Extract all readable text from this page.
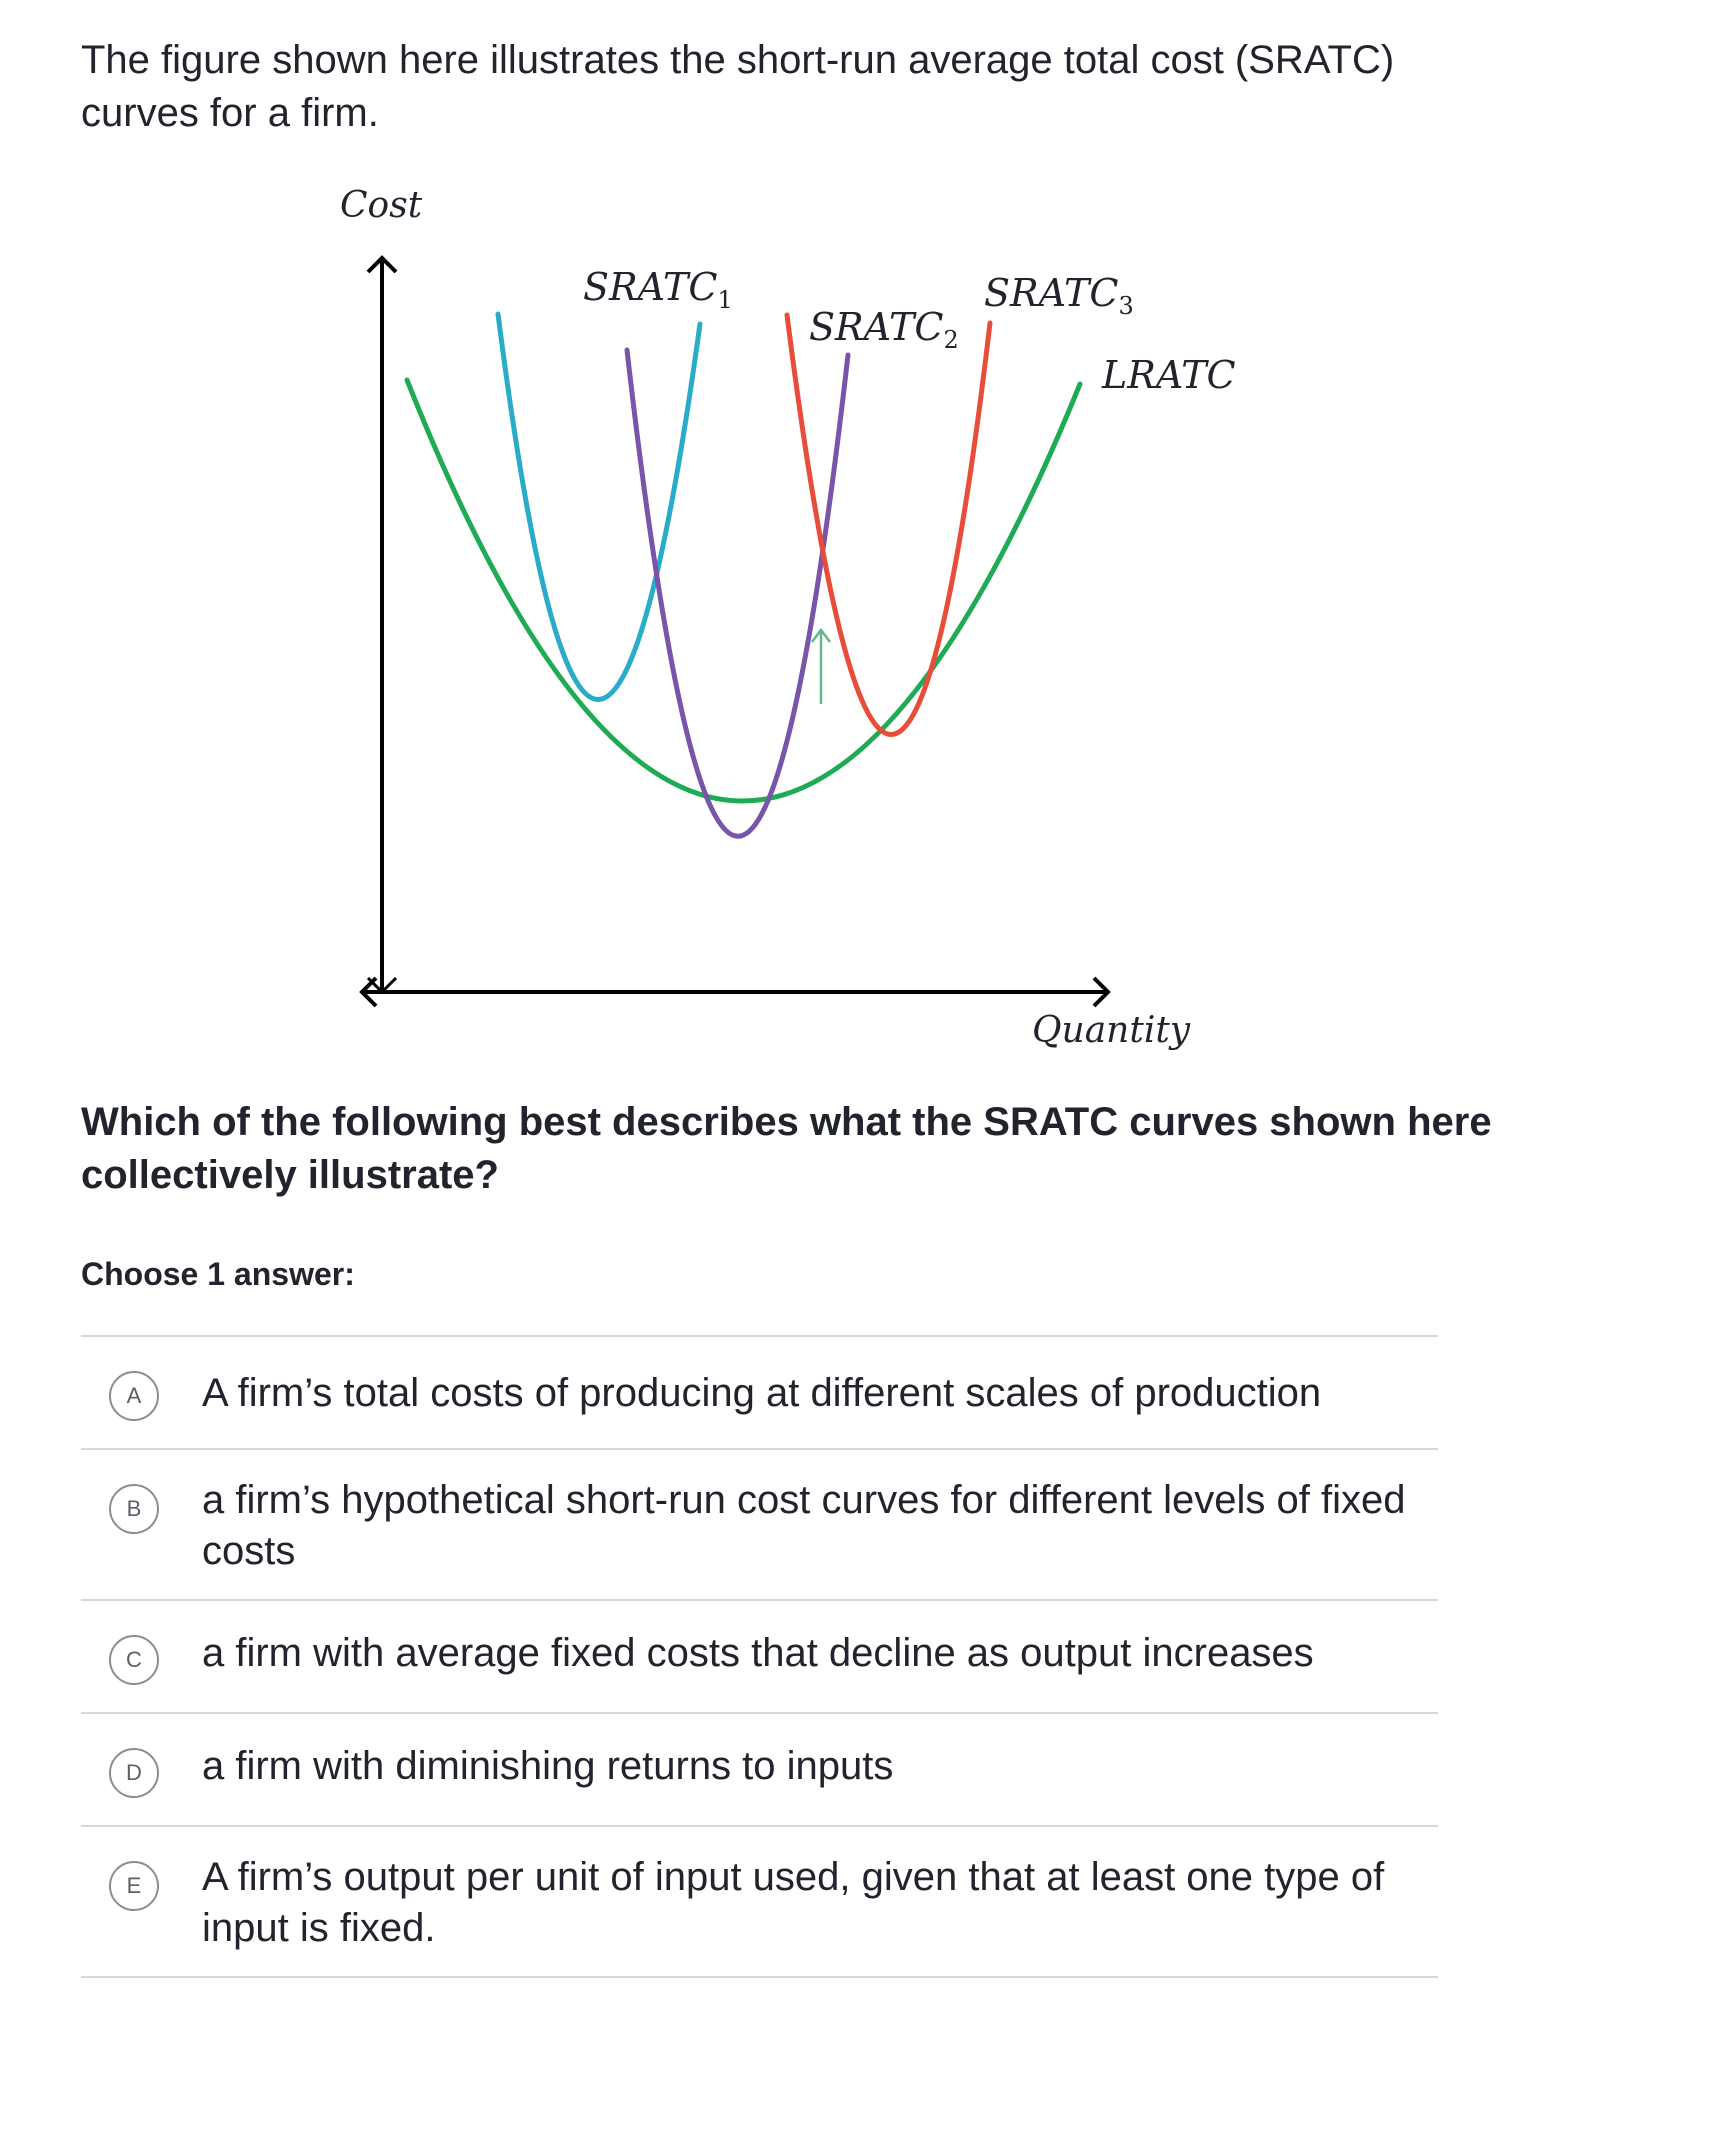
The figure shown here illustrates the short-run average total cost (SRATC) curves for a firm.

Cost
Quantity
$SRATC_1$
$SRATC_2$
$SRATC_3$
LRATC

Which of the following best describes what the SRATC curves shown here collectively illustrate?

Choose 1 answer:
A	A firm’s total costs of producing at different scales of production
B	a firm’s hypothetical short-run cost curves for different levels of fixed costs
C	a firm with average fixed costs that decline as output increases
D	a firm with diminishing returns to inputs
E	A firm’s output per unit of input used, given that at least one type of input is fixed.
